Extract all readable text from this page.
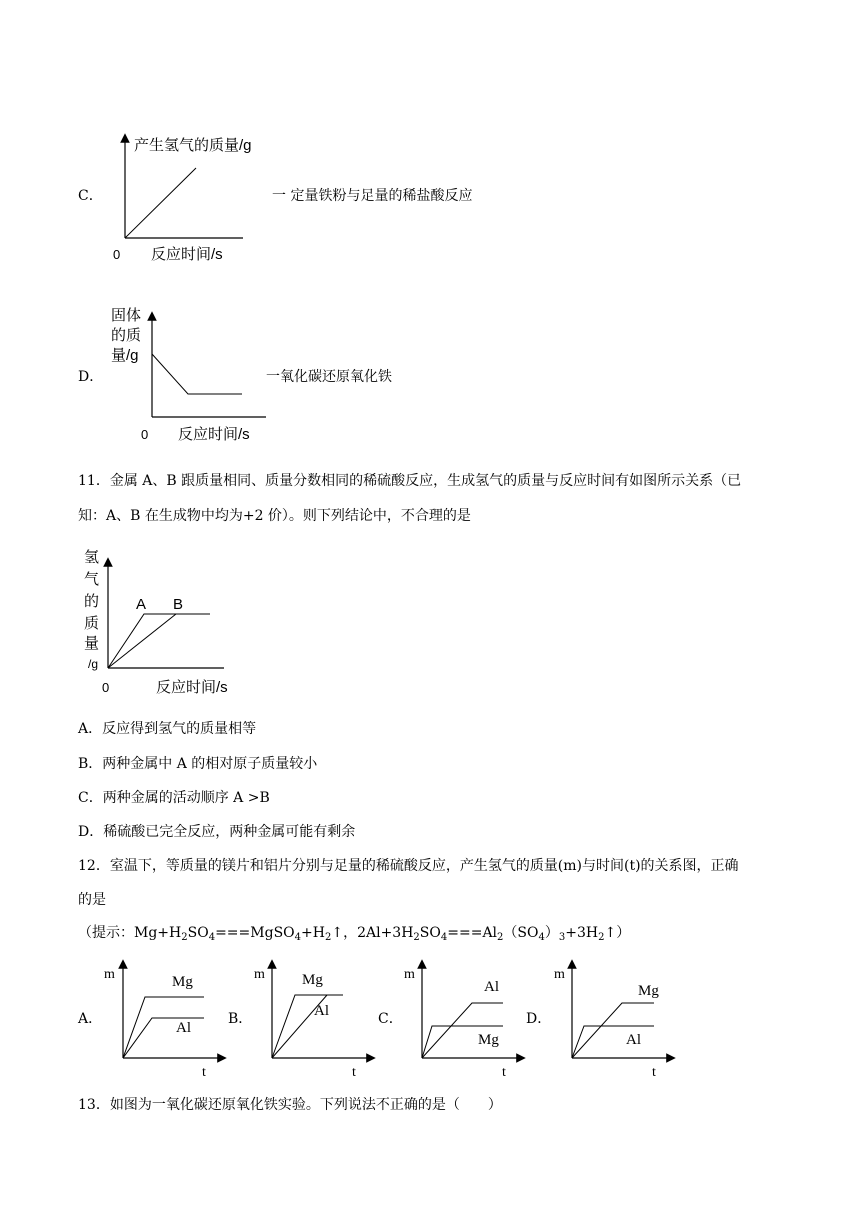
C．
产生氢气的质量/g
0 反应时间/s
一 定量铁粉与足量的稀盐酸反应
D．
固体
的质
量/g
0 反应时间/s
一氧化碳还原氧化铁
11．金属 A、B 跟质量相同、质量分数相同的稀硫酸反应，生成氢气的质量与反应时间有如图所示关系（已
知：A、B 在生成物中均为+2 价）。则下列结论中，不合理的是
A B
氢
气
的
质
量
/g
0	反应时间/s
A．反应得到氢气的质量相等
B．两种金属中 A 的相对原子质量较小
C．两种金属的活动顺序 A >B
D．稀硫酸已完全反应，两种金属可能有剩余
12．室温下，等质量的镁片和铝片分别与足量的稀硫酸反应，产生氢气的质量(m)与时间(t)的关系图，正确
的是
（提示：$Mg+H_2SO_4===MgSO_4+H_2↑$，$2Al+3H_2SO_4===Al_2(SO_4)_3+3H_2↑$）
A．
m
t
Mg
Al
B．
m
t
Mg
Al	C．
m
t
Mg
Al
D．
m
t
Mg
Al
13．如图为一氧化碳还原氧化铁实验。下列说法不正确的是（　　）
